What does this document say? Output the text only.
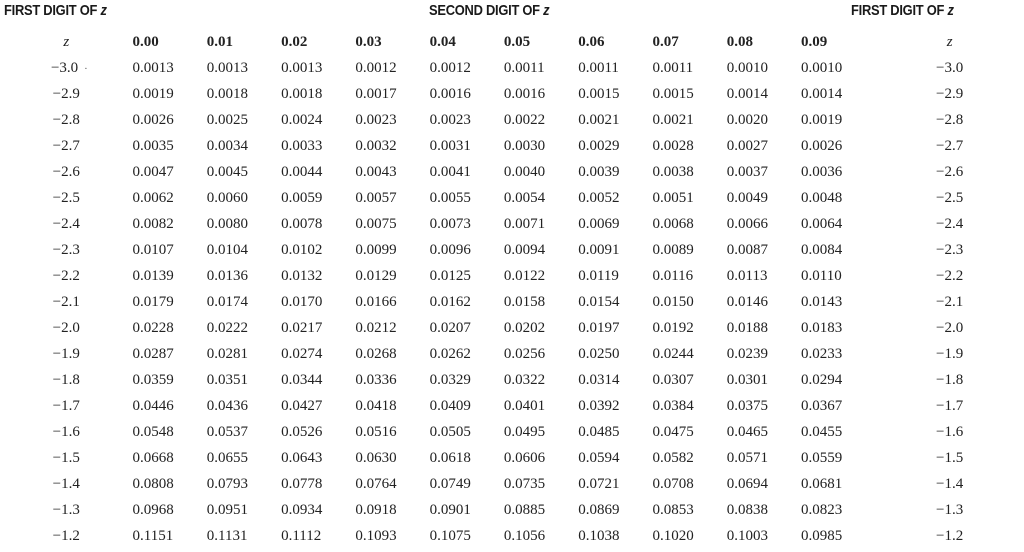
FIRST DIGIT OF z	SECOND DIGIT OF z	FIRST DIGIT OF z
z	0.00	0.01	0.02	0.03	0.04	0.05	0.06	0.07	0.08	0.09	z
−3.0 ·	0.0013	0.0013	0.0013	0.0012	0.0012	0.0011	0.0011	0.0011	0.0010	0.0010	−3.0
−2.9	0.0019	0.0018	0.0018	0.0017	0.0016	0.0016	0.0015	0.0015	0.0014	0.0014	−2.9
−2.8	0.0026	0.0025	0.0024	0.0023	0.0023	0.0022	0.0021	0.0021	0.0020	0.0019	−2.8
−2.7	0.0035	0.0034	0.0033	0.0032	0.0031	0.0030	0.0029	0.0028	0.0027	0.0026	−2.7
−2.6	0.0047	0.0045	0.0044	0.0043	0.0041	0.0040	0.0039	0.0038	0.0037	0.0036	−2.6
−2.5	0.0062	0.0060	0.0059	0.0057	0.0055	0.0054	0.0052	0.0051	0.0049	0.0048	−2.5
−2.4	0.0082	0.0080	0.0078	0.0075	0.0073	0.0071	0.0069	0.0068	0.0066	0.0064	−2.4
−2.3	0.0107	0.0104	0.0102	0.0099	0.0096	0.0094	0.0091	0.0089	0.0087	0.0084	−2.3
−2.2	0.0139	0.0136	0.0132	0.0129	0.0125	0.0122	0.0119	0.0116	0.0113	0.0110	−2.2
−2.1	0.0179	0.0174	0.0170	0.0166	0.0162	0.0158	0.0154	0.0150	0.0146	0.0143	−2.1
−2.0	0.0228	0.0222	0.0217	0.0212	0.0207	0.0202	0.0197	0.0192	0.0188	0.0183	−2.0
−1.9	0.0287	0.0281	0.0274	0.0268	0.0262	0.0256	0.0250	0.0244	0.0239	0.0233	−1.9
−1.8	0.0359	0.0351	0.0344	0.0336	0.0329	0.0322	0.0314	0.0307	0.0301	0.0294	−1.8
−1.7	0.0446	0.0436	0.0427	0.0418	0.0409	0.0401	0.0392	0.0384	0.0375	0.0367	−1.7
−1.6	0.0548	0.0537	0.0526	0.0516	0.0505	0.0495	0.0485	0.0475	0.0465	0.0455	−1.6
−1.5	0.0668	0.0655	0.0643	0.0630	0.0618	0.0606	0.0594	0.0582	0.0571	0.0559	−1.5
−1.4	0.0808	0.0793	0.0778	0.0764	0.0749	0.0735	0.0721	0.0708	0.0694	0.0681	−1.4
−1.3	0.0968	0.0951	0.0934	0.0918	0.0901	0.0885	0.0869	0.0853	0.0838	0.0823	−1.3
−1.2	0.1151	0.1131	0.1112	0.1093	0.1075	0.1056	0.1038	0.1020	0.1003	0.0985	−1.2
